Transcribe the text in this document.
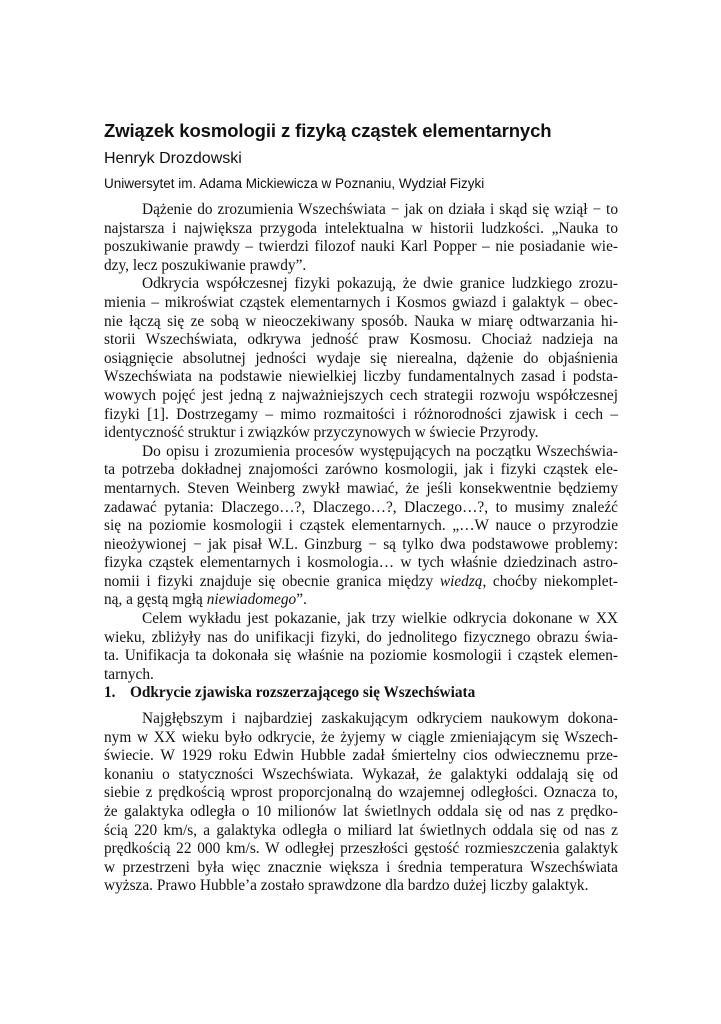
Związek kosmologii z fizyką cząstek elementarnych
Henryk Drozdowski
Uniwersytet im. Adama Mickiewicza w Poznaniu, Wydział Fizyki
Dążenie do zrozumienia Wszechświata − jak on działa i skąd się wziął − to
najstarsza i największa przygoda intelektualna w historii ludzkości. „Nauka to
poszukiwanie prawdy – twierdzi filozof nauki Karl Popper – nie posiadanie wie-
dzy, lecz poszukiwanie prawdy”.
Odkrycia współczesnej fizyki pokazują, że dwie granice ludzkiego zrozu-
mienia – mikroświat cząstek elementarnych i Kosmos gwiazd i galaktyk – obec-
nie łączą się ze sobą w nieoczekiwany sposób. Nauka w miarę odtwarzania hi-
storii Wszechświata, odkrywa jedność praw Kosmosu. Chociaż nadzieja na
osiągnięcie absolutnej jedności wydaje się nierealna, dążenie do objaśnienia
Wszechświata na podstawie niewielkiej liczby fundamentalnych zasad i podsta-
wowych pojęć jest jedną z najważniejszych cech strategii rozwoju współczesnej
fizyki [1]. Dostrzegamy – mimo rozmaitości i różnorodności zjawisk i cech –
identyczność struktur i związków przyczynowych w świecie Przyrody.
Do opisu i zrozumienia procesów występujących na początku Wszechświa-
ta potrzeba dokładnej znajomości zarówno kosmologii, jak i fizyki cząstek ele-
mentarnych. Steven Weinberg zwykł mawiać, że jeśli konsekwentnie będziemy
zadawać pytania: Dlaczego…?, Dlaczego…?, Dlaczego…?, to musimy znaleźć
się na poziomie kosmologii i cząstek elementarnych. „…W nauce o przyrodzie
nieożywionej − jak pisał W.L. Ginzburg − są tylko dwa podstawowe problemy:
fizyka cząstek elementarnych i kosmologia… w tych właśnie dziedzinach astro-
nomii i fizyki znajduje się obecnie granica między wiedzą, choćby niekomplet-
ną, a gęstą mgłą niewiadomego”.
Celem wykładu jest pokazanie, jak trzy wielkie odkrycia dokonane w XX
wieku, zbliżyły nas do unifikacji fizyki, do jednolitego fizycznego obrazu świa-
ta. Unifikacja ta dokonała się właśnie na poziomie kosmologii i cząstek elemen-
tarnych.
1. Odkrycie zjawiska rozszerzającego się Wszechświata
Najgłębszym i najbardziej zaskakującym odkryciem naukowym dokona-
nym w XX wieku było odkrycie, że żyjemy w ciągle zmieniającym się Wszech-
świecie. W 1929 roku Edwin Hubble zadał śmiertelny cios odwiecznemu prze-
konaniu o statyczności Wszechświata. Wykazał, że galaktyki oddalają się od
siebie z prędkością wprost proporcjonalną do wzajemnej odległości. Oznacza to,
że galaktyka odległa o 10 milionów lat świetlnych oddala się od nas z prędko-
ścią 220 km/s, a galaktyka odległa o miliard lat świetlnych oddala się od nas z
prędkością 22 000 km/s. W odległej przeszłości gęstość rozmieszczenia galaktyk
w przestrzeni była więc znacznie większa i średnia temperatura Wszechświata
wyższa. Prawo Hubble’a zostało sprawdzone dla bardzo dużej liczby galaktyk.
